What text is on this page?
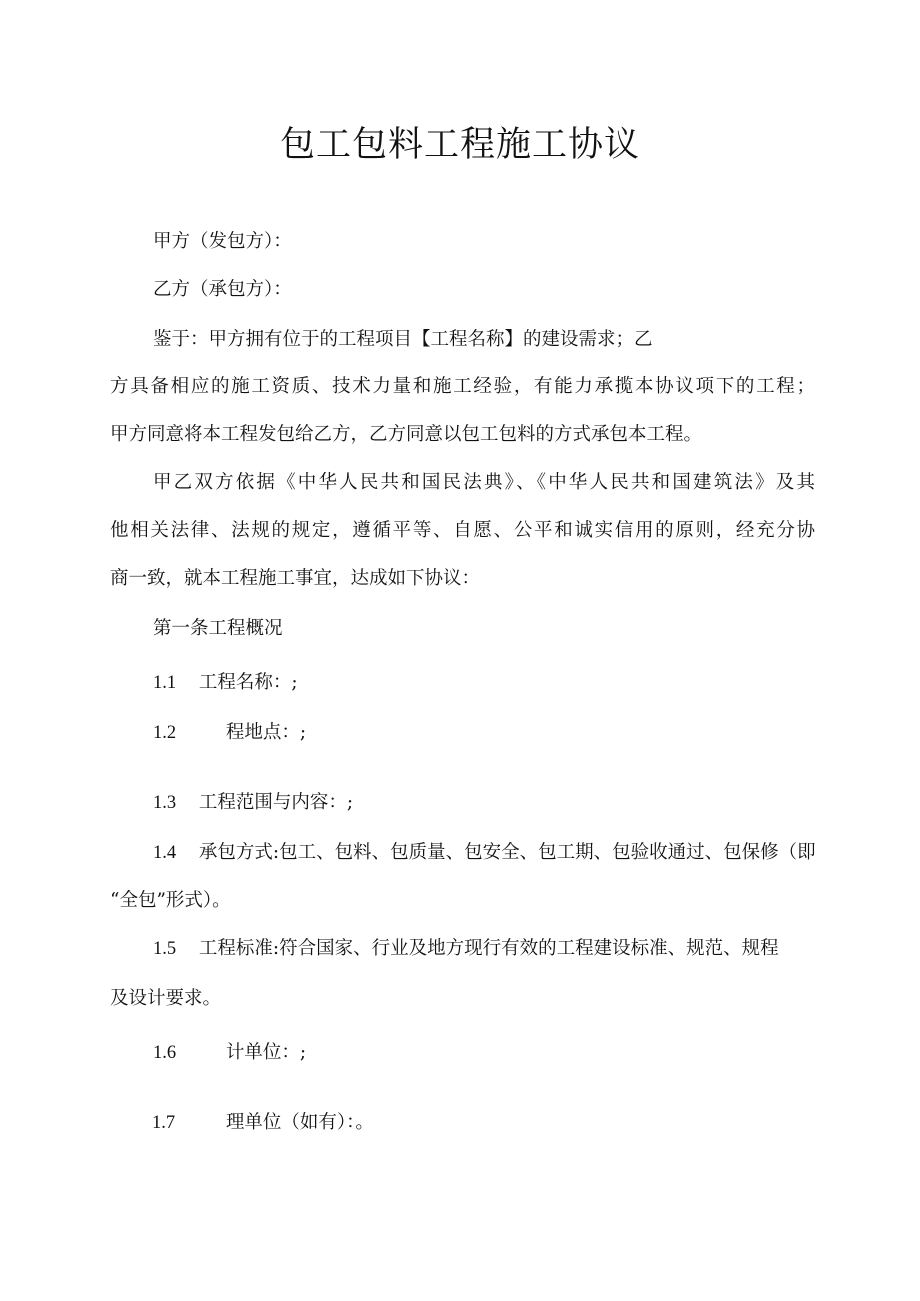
包工包料工程施工协议

甲方（发包方）：

乙方（承包方）：

鉴于：甲方拥有位于的工程项目【工程名称】的建设需求；乙

方具备相应的施工资质、技术力量和施工经验，有能力承揽本协议项下的工程；

甲方同意将本工程发包给乙方，乙方同意以包工包料的方式承包本工程。

甲乙双方依据《中华人民共和国民法典》、《中华人民共和国建筑法》及其

他相关法律、法规的规定，遵循平等、自愿、公平和诚实信用的原则，经充分协

商一致，就本工程施工事宜，达成如下协议：

第一条工程概况

1.1 工程名称：;

1.2	程地点：;

1.3 工程范围与内容：;

1.4 承包方式:包工、包料、包质量、包安全、包工期、包验收通过、包保修（即

“全包”形式）。

1.5 工程标准:符合国家、行业及地方现行有效的工程建设标准、规范、规程

及设计要求。

1.6	计单位：;

1.7	理单位（如有）：。
